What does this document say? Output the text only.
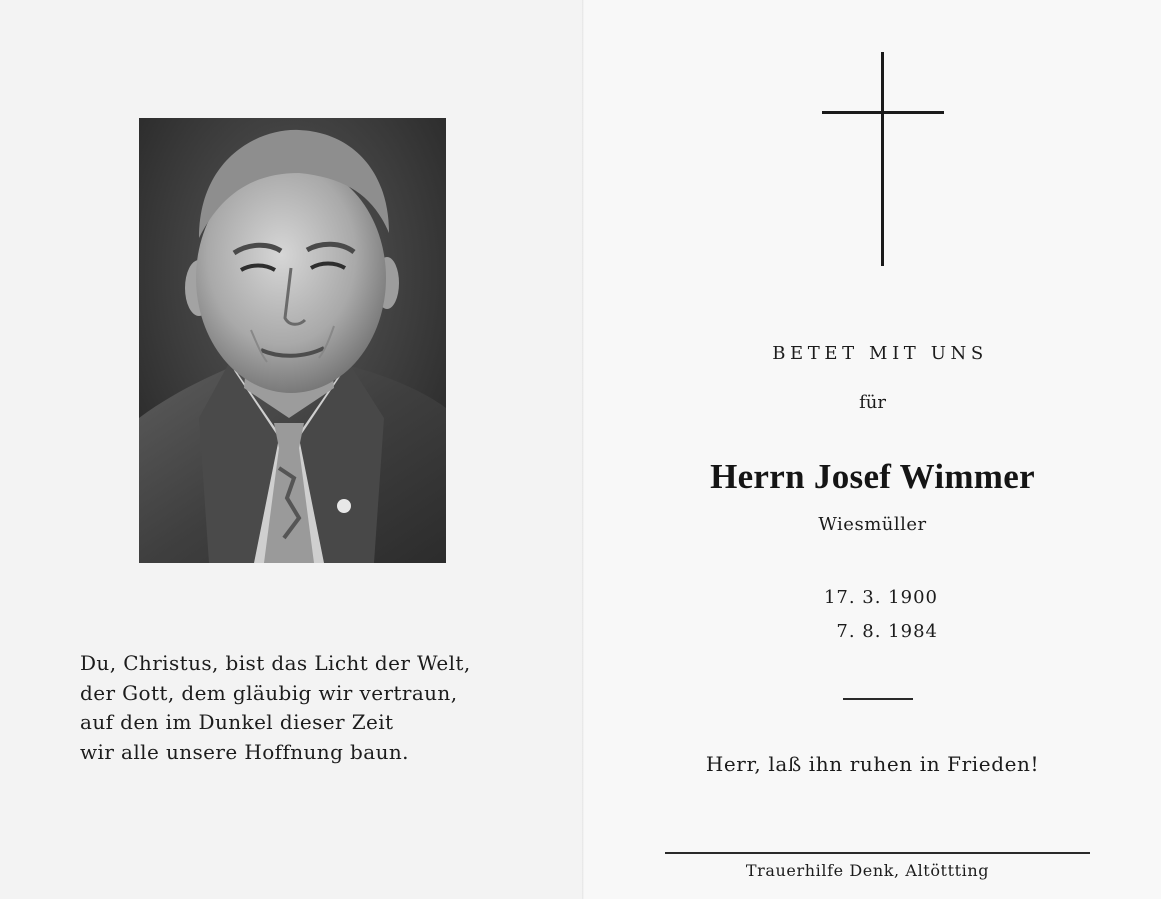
Du, Christus, bist das Licht der Welt,
der Gott, dem gläubig wir vertraun,
auf den im Dunkel dieser Zeit
wir alle unsere Hoffnung baun.
BETET MIT UNS
für
Herrn Josef Wimmer
Wiesmüller
17. 3. 1900
7. 8. 1984
Herr, laß ihn ruhen in Frieden!
Trauerhilfe Denk, Altöttting
